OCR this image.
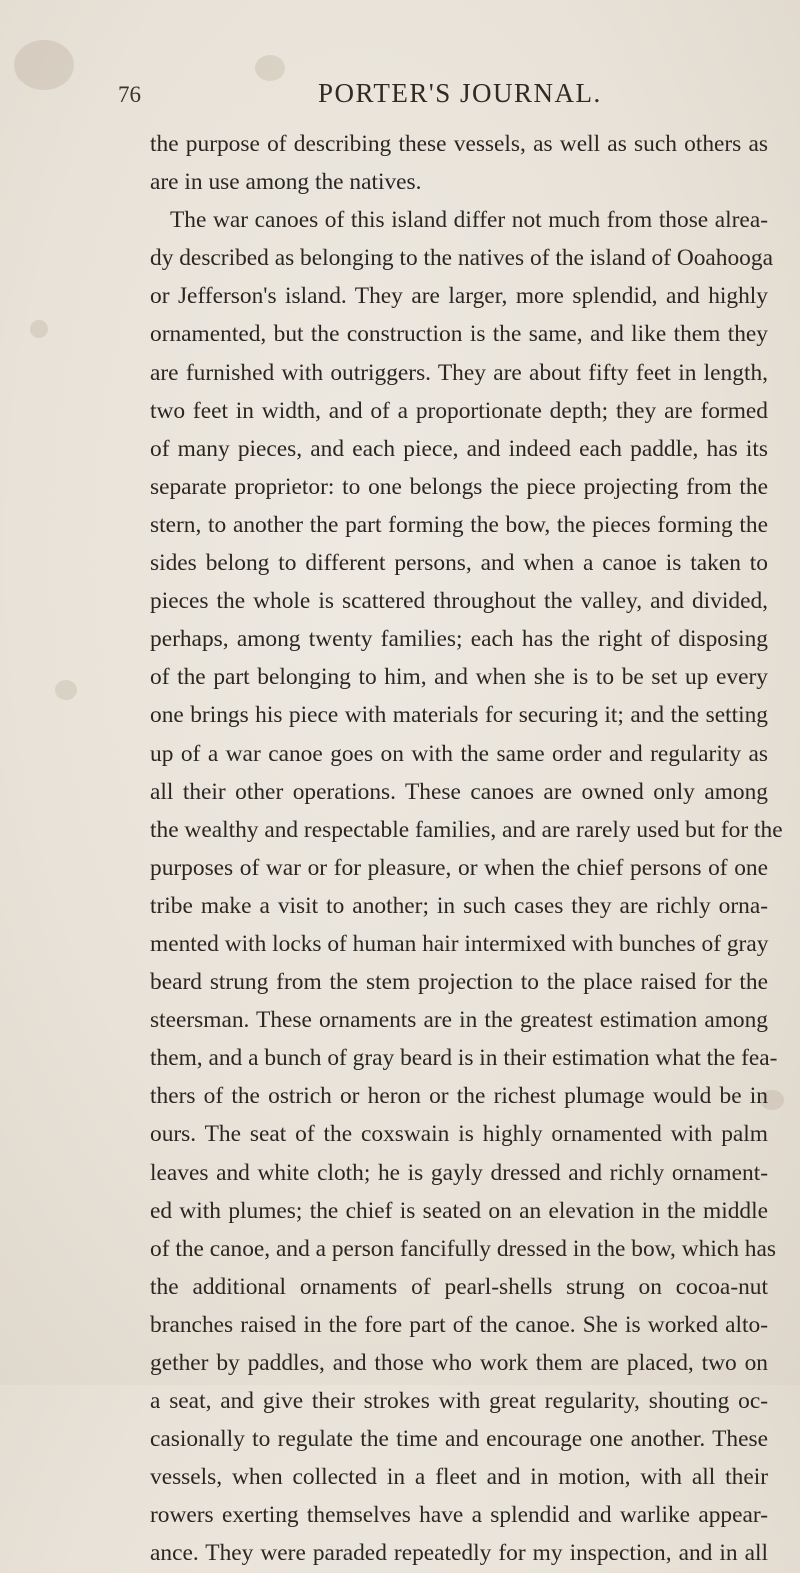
76	PORTER'S JOURNAL.
the purpose of describing these vessels, as well as such others as
are in use among the natives.
The war canoes of this island differ not much from those alrea-
dy described as belonging to the natives of the island of Ooahooga
or Jefferson's island. They are larger, more splendid, and highly
ornamented, but the construction is the same, and like them they
are furnished with outriggers. They are about fifty feet in length,
two feet in width, and of a proportionate depth; they are formed
of many pieces, and each piece, and indeed each paddle, has its
separate proprietor: to one belongs the piece projecting from the
stern, to another the part forming the bow, the pieces forming the
sides belong to different persons, and when a canoe is taken to
pieces the whole is scattered throughout the valley, and divided,
perhaps, among twenty families; each has the right of disposing
of the part belonging to him, and when she is to be set up every
one brings his piece with materials for securing it; and the setting
up of a war canoe goes on with the same order and regularity as
all their other operations. These canoes are owned only among
the wealthy and respectable families, and are rarely used but for the
purposes of war or for pleasure, or when the chief persons of one
tribe make a visit to another; in such cases they are richly orna-
mented with locks of human hair intermixed with bunches of gray
beard strung from the stem projection to the place raised for the
steersman. These ornaments are in the greatest estimation among
them, and a bunch of gray beard is in their estimation what the fea-
thers of the ostrich or heron or the richest plumage would be in
ours. The seat of the coxswain is highly ornamented with palm
leaves and white cloth; he is gayly dressed and richly ornament-
ed with plumes; the chief is seated on an elevation in the middle
of the canoe, and a person fancifully dressed in the bow, which has
the additional ornaments of pearl-shells strung on cocoa-nut
branches raised in the fore part of the canoe. She is worked alto-
gether by paddles, and those who work them are placed, two on
a seat, and give their strokes with great regularity, shouting oc-
casionally to regulate the time and encourage one another. These
vessels, when collected in a fleet and in motion, with all their
rowers exerting themselves have a splendid and warlike appear-
ance. They were paraded repeatedly for my inspection, and in all
